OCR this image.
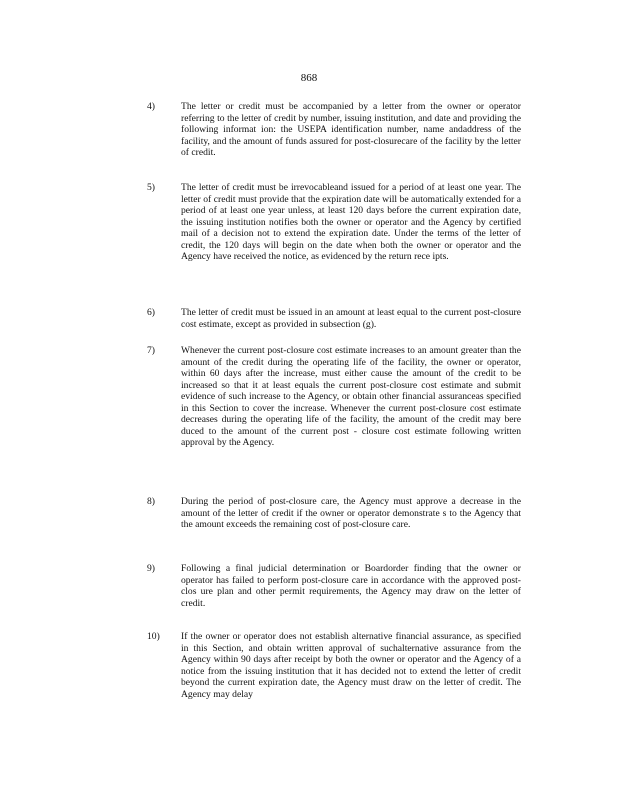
868
4)	The letter or credit must be accompanied by a letter from the owner or operator referring to the letter of credit by number, issuing institution, and date and providing the following informat ion: the USEPA identification number, name andaddress of the facility, and the amount of funds assured for post-closurecare of the facility by the letter of credit.
5)	The letter of credit must be irrevocableand issued for a period of at least one year. The letter of credit must provide that the expiration date will be automatically extended for a period of at least one year unless, at least 120 days before the current expiration date, the issuing institution notifies both the owner or operator and the Agency by certified mail of a decision not to extend the expiration date. Under the terms of the letter of credit, the 120 days will begin on the date when both the owner or operator and the Agency have received the notice, as evidenced by the return rece ipts.
6)	The letter of credit must be issued in an amount at least equal to the current post-closure cost estimate, except as provided in subsection (g).
7)	Whenever the current post-closure cost estimate increases to an amount greater than the amount of the credit during the operating life of the facility, the owner or operator, within 60 days after the increase, must either cause the amount of the credit to be increased so that it at least equals the current post-closure cost estimate and submit evidence of such increase to the Agency, or obtain other financial assuranceas specified in this Section to cover the increase. Whenever the current post-closure cost estimate decreases during the operating life of the facility, the amount of the credit may bere duced to the amount of the current post - closure cost estimate following written approval by the Agency.
8)	During the period of post-closure care, the Agency must approve a decrease in the amount of the letter of credit if the owner or operator demonstrate s to the Agency that the amount exceeds the remaining cost of post-closure care.
9)	Following a final judicial determination or Boardorder finding that the owner or operator has failed to perform post-closure care in accordance with the approved post-clos ure plan and other permit requirements, the Agency may draw on the letter of credit.
10)	If the owner or operator does not establish alternative financial assurance, as specified in this Section, and obtain written approval of suchalternative assurance from the Agency within 90 days after receipt by both the owner or operator and the Agency of a notice from the issuing institution that it has decided not to extend the letter of credit beyond the current expiration date, the Agency must draw on the letter of credit. The Agency may delay
